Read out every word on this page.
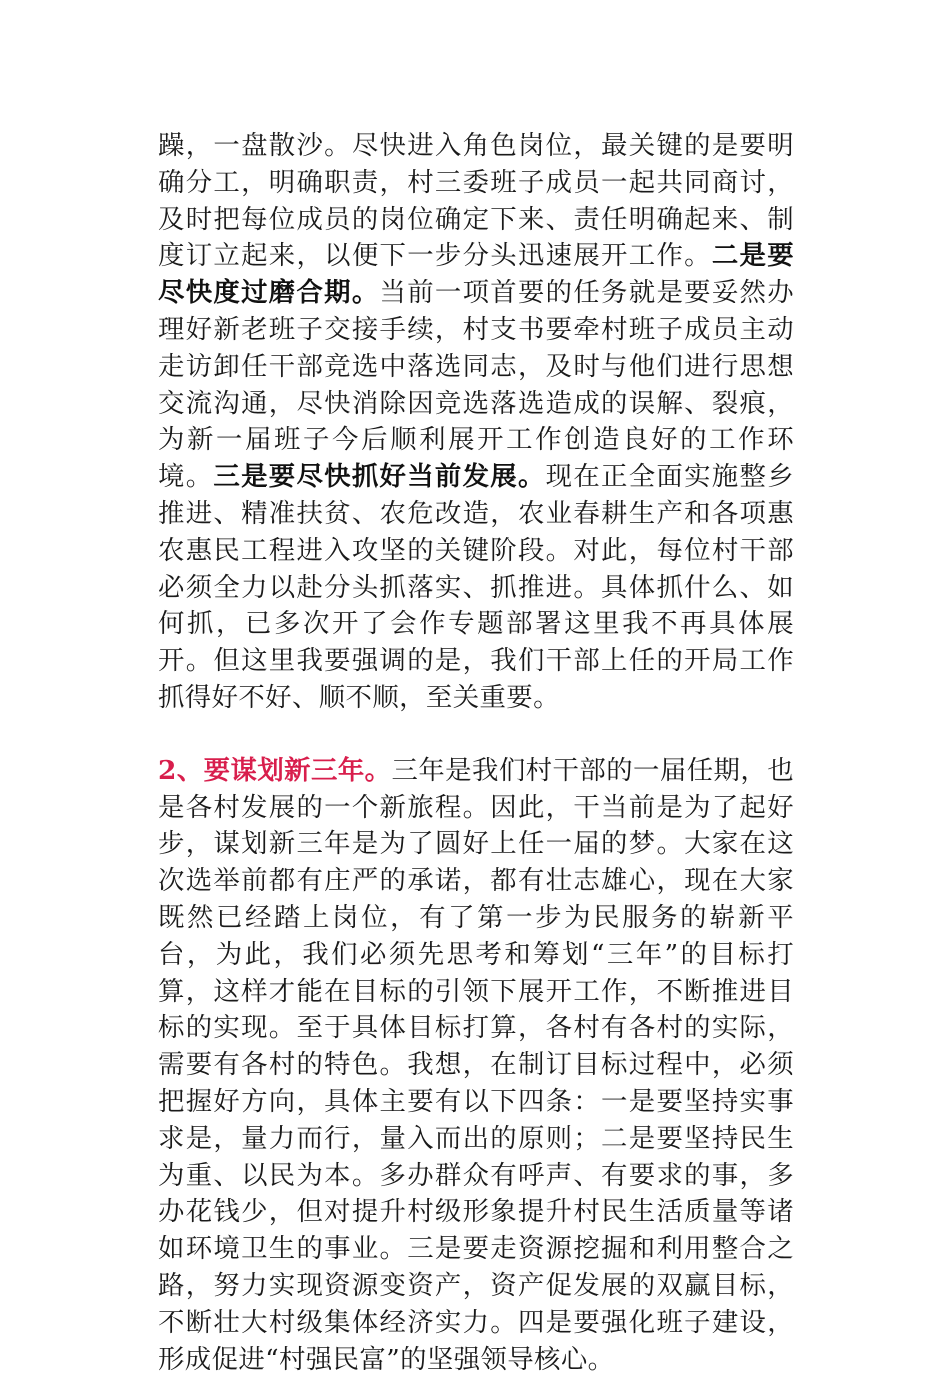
躁，一盘散沙。尽快进入角色岗位，最关键的是要明确分工，明确职责，村三委班子成员一起共同商讨，及时把每位成员的岗位确定下来、责任明确起来、制度订立起来，以便下一步分头迅速展开工作。二是要尽快度过磨合期。当前一项首要的任务就是要妥然办理好新老班子交接手续，村支书要牵村班子成员主动走访卸任干部竞选中落选同志，及时与他们进行思想交流沟通，尽快消除因竞选落选造成的误解、裂痕，为新一届班子今后顺利展开工作创造良好的工作环境。三是要尽快抓好当前发展。现在正全面实施整乡推进、精准扶贫、农危改造，农业春耕生产和各项惠农惠民工程进入攻坚的关键阶段。对此，每位村干部必须全力以赴分头抓落实、抓推进。具体抓什么、如何抓，已多次开了会作专题部署这里我不再具体展开。但这里我要强调的是，我们干部上任的开局工作抓得好不好、顺不顺，至关重要。

2、要谋划新三年。三年是我们村干部的一届任期，也是各村发展的一个新旅程。因此，干当前是为了起好步，谋划新三年是为了圆好上任一届的梦。大家在这次选举前都有庄严的承诺，都有壮志雄心，现在大家既然已经踏上岗位，有了第一步为民服务的崭新平台，为此，我们必须先思考和筹划“三年”的目标打算，这样才能在目标的引领下展开工作，不断推进目标的实现。至于具体目标打算，各村有各村的实际，需要有各村的特色。我想，在制订目标过程中，必须把握好方向，具体主要有以下四条：一是要坚持实事求是，量力而行，量入而出的原则；二是要坚持民生为重、以民为本。多办群众有呼声、有要求的事，多办花钱少，但对提升村级形象提升村民生活质量等诸如环境卫生的事业。三是要走资源挖掘和利用整合之路，努力实现资源变资产，资产促发展的双赢目标，不断壮大村级集体经济实力。四是要强化班子建设，形成促进“村强民富”的坚强领导核心。
